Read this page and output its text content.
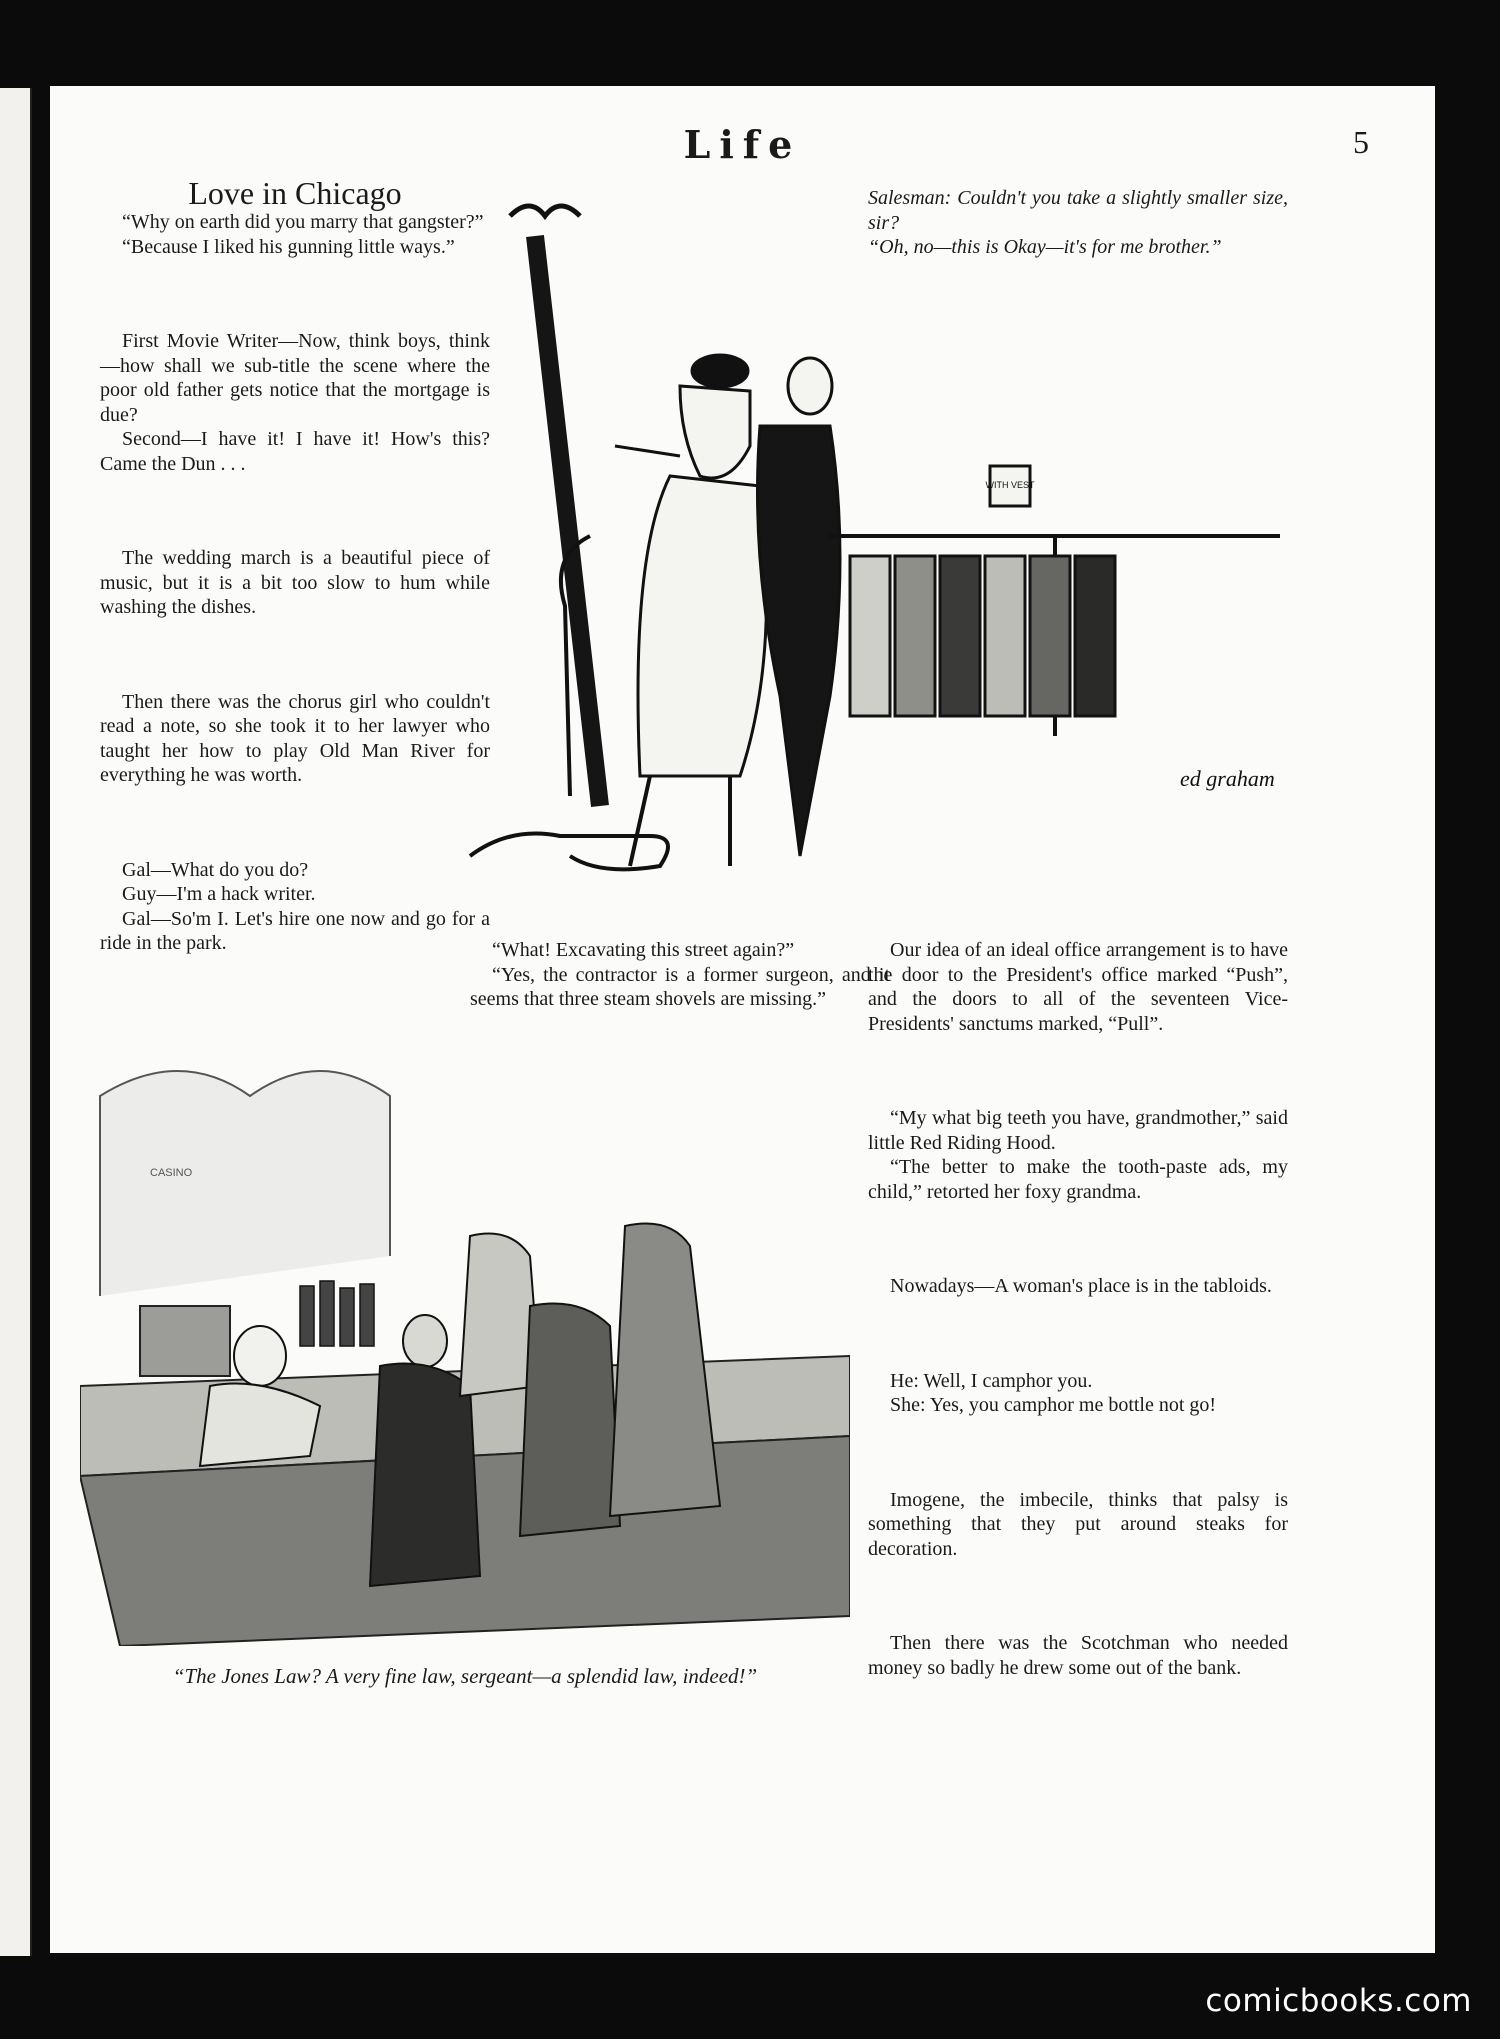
Life	5

Love in Chicago

“Why on earth did you marry that gangster?”

“Because I liked his gunning little ways.”

First Movie Writer—Now, think boys, think—how shall we sub-title the scene where the poor old father gets notice that the mortgage is due?

Second—I have it! I have it! How's this? Came the Dun . . .

The wedding march is a beautiful piece of music, but it is a bit too slow to hum while washing the dishes.

Then there was the chorus girl who couldn't read a note, so she took it to her lawyer who taught her how to play Old Man River for everything he was worth.

Gal—What do you do?

Guy—I'm a hack writer.

Gal—So'm I. Let's hire one now and go for a ride in the park.

Salesman: Couldn't you take a slightly smaller size, sir?

“Oh, no—this is Okay—it's for me brother.”

WITH VEST
ed graham

“What! Excavating this street again?”

“Yes, the contractor is a former surgeon, and it seems that three steam shovels are missing.”

Our idea of an ideal office arrangement is to have the door to the President's office marked “Push”, and the doors to all of the seventeen Vice-Presidents' sanctums marked, “Pull”.

“My what big teeth you have, grandmother,” said little Red Riding Hood.

“The better to make the tooth-paste ads, my child,” retorted her foxy grandma.

Nowadays—A woman's place is in the tabloids.

He: Well, I camphor you.

She: Yes, you camphor me bottle not go!

Imogene, the imbecile, thinks that palsy is something that they put around steaks for decoration.

Then there was the Scotchman who needed money so badly he drew some out of the bank.

CASINO
“The Jones Law? A very fine law, sergeant—a splendid law, indeed!”
comicbooks.com
